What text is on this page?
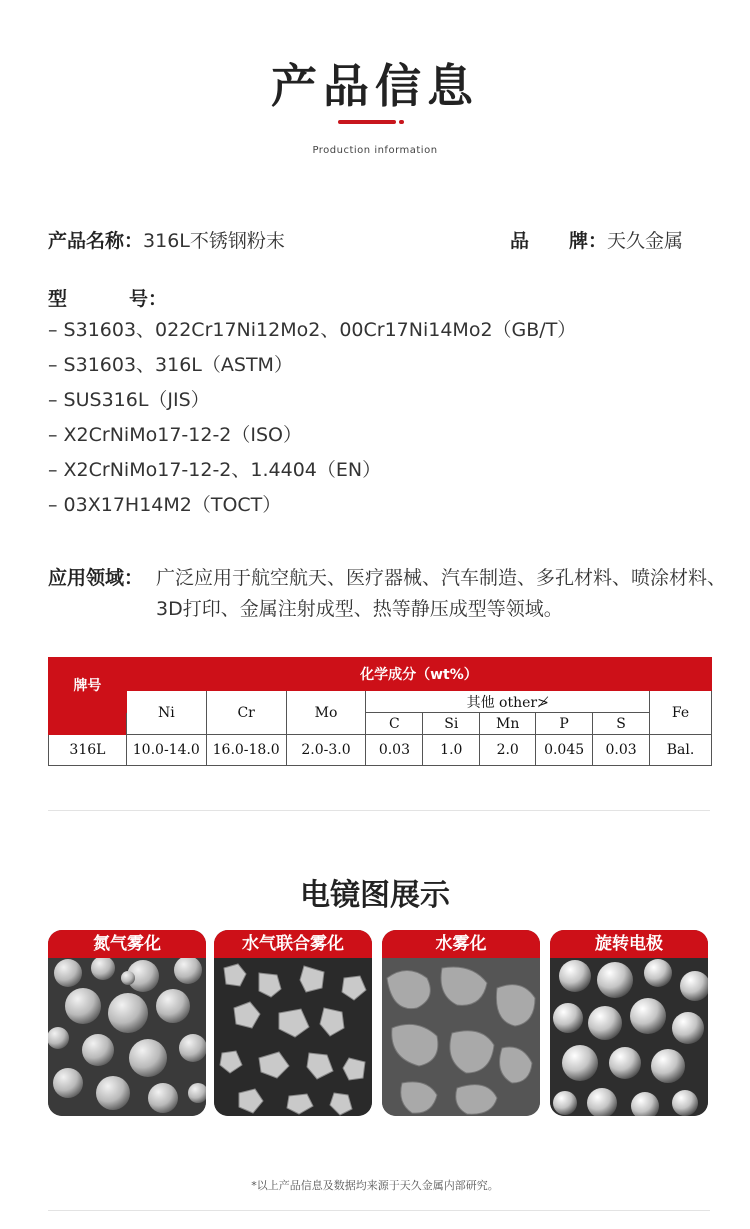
产品信息
Production information
产品名称：316L不锈钢粉末	品　　牌：天久金属
型　　号：
– S31603、022Cr17Ni12Mo2、00Cr17Ni14Mo2（GB/T）
– S31603、316L（ASTM）
– SUS316L（JIS）
– X2CrNiMo17-12-2（ISO）
– X2CrNiMo17-12-2、1.4404（EN）
– 03X17H14M2（TOCT）
应用领域： 广泛应用于航空航天、医疗器械、汽车制造、多孔材料、喷涂材料、3D打印、金属注射成型、热等静压成型等领域。
牌号	化学成分（wt%）								
	Ni	Cr	Mo	其他 other≯					Fe
				C	Si	Mn	P	S	
316L	10.0-14.0	16.0-18.0	2.0-3.0	0.03	1.0	2.0	0.045	0.03	Bal.
电镜图展示
氮气雾化	水气联合雾化	水雾化	旋转电极
*以上产品信息及数据均来源于天久金属内部研究。
